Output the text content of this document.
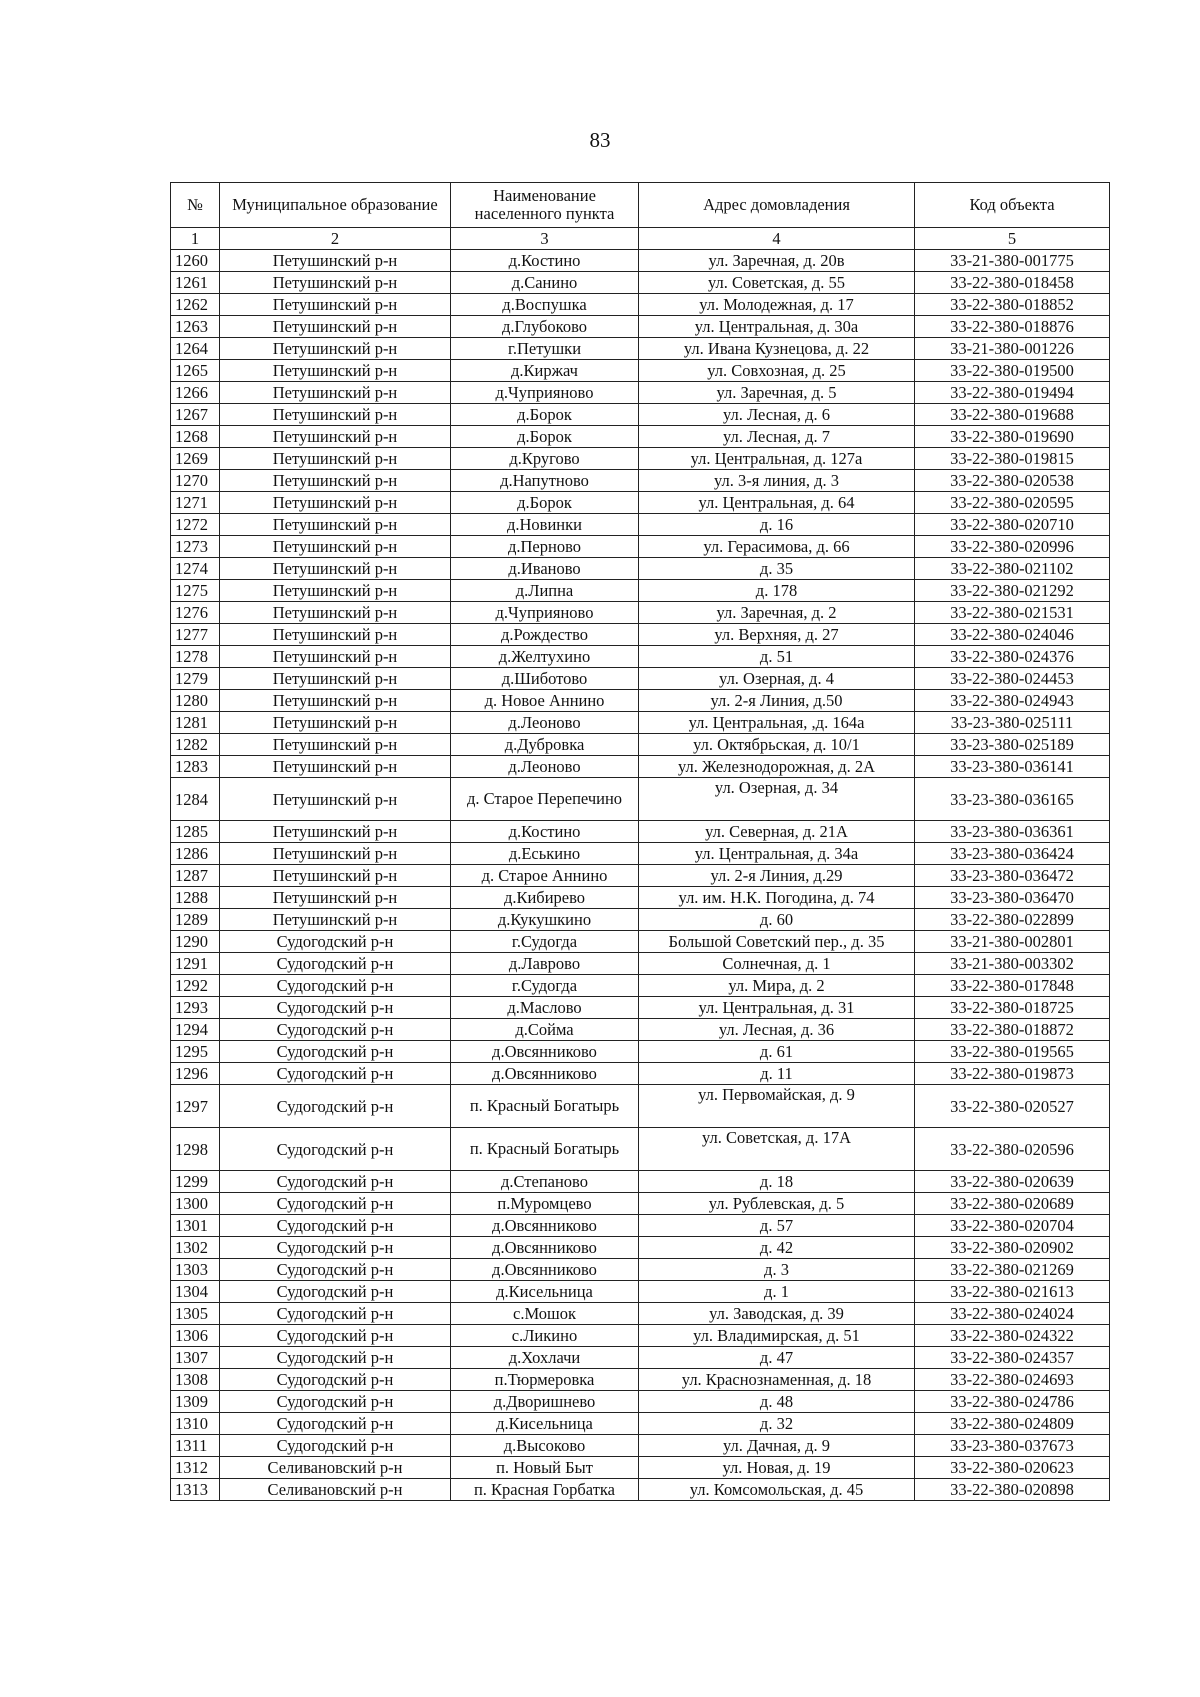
83
№	Муниципальное образование	Наименование населенного пункта	Адрес домовладения	Код объекта
1	2	3	4	5
1260	Петушинский р-н	д.Костино	ул. Заречная, д. 20в	33-21-380-001775
1261	Петушинский р-н	д.Санино	ул. Советская, д. 55	33-22-380-018458
1262	Петушинский р-н	д.Воспушка	ул. Молодежная, д. 17	33-22-380-018852
1263	Петушинский р-н	д.Глубоково	ул. Центральная, д. 30а	33-22-380-018876
1264	Петушинский р-н	г.Петушки	ул. Ивана Кузнецова, д. 22	33-21-380-001226
1265	Петушинский р-н	д.Киржач	ул. Совхозная, д. 25	33-22-380-019500
1266	Петушинский р-н	д.Чуприяново	ул. Заречная, д. 5	33-22-380-019494
1267	Петушинский р-н	д.Борок	ул. Лесная, д. 6	33-22-380-019688
1268	Петушинский р-н	д.Борок	ул. Лесная, д. 7	33-22-380-019690
1269	Петушинский р-н	д.Кругово	ул. Центральная, д. 127а	33-22-380-019815
1270	Петушинский р-н	д.Напутново	ул. 3-я линия, д. 3	33-22-380-020538
1271	Петушинский р-н	д.Борок	ул. Центральная, д. 64	33-22-380-020595
1272	Петушинский р-н	д.Новинки	д. 16	33-22-380-020710
1273	Петушинский р-н	д.Перново	ул. Герасимова, д. 66	33-22-380-020996
1274	Петушинский р-н	д.Иваново	д. 35	33-22-380-021102
1275	Петушинский р-н	д.Липна	д. 178	33-22-380-021292
1276	Петушинский р-н	д.Чуприяново	ул. Заречная, д. 2	33-22-380-021531
1277	Петушинский р-н	д.Рождество	ул. Верхняя, д. 27	33-22-380-024046
1278	Петушинский р-н	д.Желтухино	д. 51	33-22-380-024376
1279	Петушинский р-н	д.Шиботово	ул. Озерная, д. 4	33-22-380-024453
1280	Петушинский р-н	д. Новое Аннино	ул. 2-я Линия, д.50	33-22-380-024943
1281	Петушинский р-н	д.Леоново	ул. Центральная, ,д. 164а	33-23-380-025111
1282	Петушинский р-н	д.Дубровка	ул. Октябрьская, д. 10/1	33-23-380-025189
1283	Петушинский р-н	д.Леоново	ул. Железнодорожная, д. 2А	33-23-380-036141
1284	Петушинский р-н	д. Старое Перепечино	ул. Озерная, д. 34	33-23-380-036165
1285	Петушинский р-н	д.Костино	ул. Северная, д. 21А	33-23-380-036361
1286	Петушинский р-н	д.Еськино	ул. Центральная, д. 34а	33-23-380-036424
1287	Петушинский р-н	д. Старое Аннино	ул. 2-я Линия, д.29	33-23-380-036472
1288	Петушинский р-н	д.Кибирево	ул. им. Н.К. Погодина, д. 74	33-23-380-036470
1289	Петушинский р-н	д.Кукушкино	д. 60	33-22-380-022899
1290	Судогодский р-н	г.Судогда	Большой Советский пер., д. 35	33-21-380-002801
1291	Судогодский р-н	д.Лаврово	Солнечная, д. 1	33-21-380-003302
1292	Судогодский р-н	г.Судогда	ул. Мира, д. 2	33-22-380-017848
1293	Судогодский р-н	д.Маслово	ул. Центральная, д. 31	33-22-380-018725
1294	Судогодский р-н	д.Сойма	ул. Лесная, д. 36	33-22-380-018872
1295	Судогодский р-н	д.Овсянниково	д. 61	33-22-380-019565
1296	Судогодский р-н	д.Овсянниково	д. 11	33-22-380-019873
1297	Судогодский р-н	п. Красный Богатырь	ул. Первомайская, д. 9	33-22-380-020527
1298	Судогодский р-н	п. Красный Богатырь	ул. Советская, д. 17А	33-22-380-020596
1299	Судогодский р-н	д.Степаново	д. 18	33-22-380-020639
1300	Судогодский р-н	п.Муромцево	ул. Рублевская, д. 5	33-22-380-020689
1301	Судогодский р-н	д.Овсянниково	д. 57	33-22-380-020704
1302	Судогодский р-н	д.Овсянниково	д. 42	33-22-380-020902
1303	Судогодский р-н	д.Овсянниково	д. 3	33-22-380-021269
1304	Судогодский р-н	д.Кисельница	д. 1	33-22-380-021613
1305	Судогодский р-н	с.Мошок	ул. Заводская, д. 39	33-22-380-024024
1306	Судогодский р-н	с.Ликино	ул. Владимирская, д. 51	33-22-380-024322
1307	Судогодский р-н	д.Хохлачи	д. 47	33-22-380-024357
1308	Судогодский р-н	п.Тюрмеровка	ул. Краснознаменная, д. 18	33-22-380-024693
1309	Судогодский р-н	д.Дворишнево	д. 48	33-22-380-024786
1310	Судогодский р-н	д.Кисельница	д. 32	33-22-380-024809
1311	Судогодский р-н	д.Высоково	ул. Дачная, д. 9	33-23-380-037673
1312	Селивановский р-н	п. Новый Быт	ул. Новая, д. 19	33-22-380-020623
1313	Селивановский р-н	п. Красная Горбатка	ул. Комсомольская, д. 45	33-22-380-020898
